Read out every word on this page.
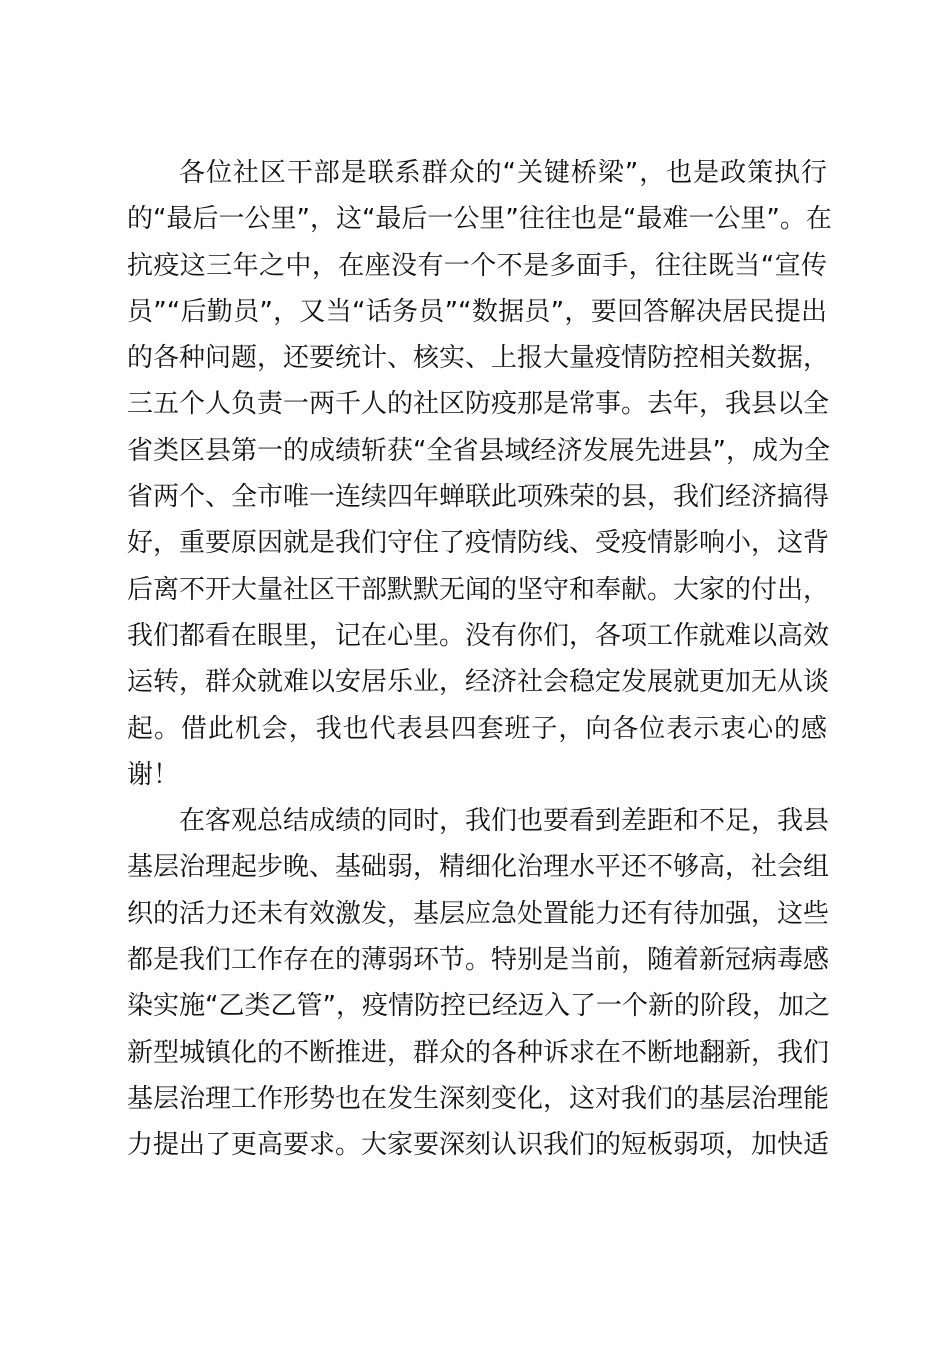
各位社区干部是联系群众的“关键桥梁”，也是政策执行
的“最后一公里”，这“最后一公里”往往也是“最难一公里”。在
抗疫这三年之中，在座没有一个不是多面手，往往既当“宣传
员”“后勤员”，又当“话务员”“数据员”，要回答解决居民提出
的各种问题，还要统计、核实、上报大量疫情防控相关数据，
三五个人负责一两千人的社区防疫那是常事。去年，我县以全
省类区县第一的成绩斩获“全省县域经济发展先进县”，成为全
省两个、全市唯一连续四年蝉联此项殊荣的县，我们经济搞得
好，重要原因就是我们守住了疫情防线、受疫情影响小，这背
后离不开大量社区干部默默无闻的坚守和奉献。大家的付出，
我们都看在眼里，记在心里。没有你们，各项工作就难以高效
运转，群众就难以安居乐业，经济社会稳定发展就更加无从谈
起。借此机会，我也代表县四套班子，向各位表示衷心的感
谢！
在客观总结成绩的同时，我们也要看到差距和不足，我县
基层治理起步晚、基础弱，精细化治理水平还不够高，社会组
织的活力还未有效激发，基层应急处置能力还有待加强，这些
都是我们工作存在的薄弱环节。特别是当前，随着新冠病毒感
染实施“乙类乙管”，疫情防控已经迈入了一个新的阶段，加之
新型城镇化的不断推进，群众的各种诉求在不断地翻新，我们
基层治理工作形势也在发生深刻变化，这对我们的基层治理能
力提出了更高要求。大家要深刻认识我们的短板弱项，加快适
